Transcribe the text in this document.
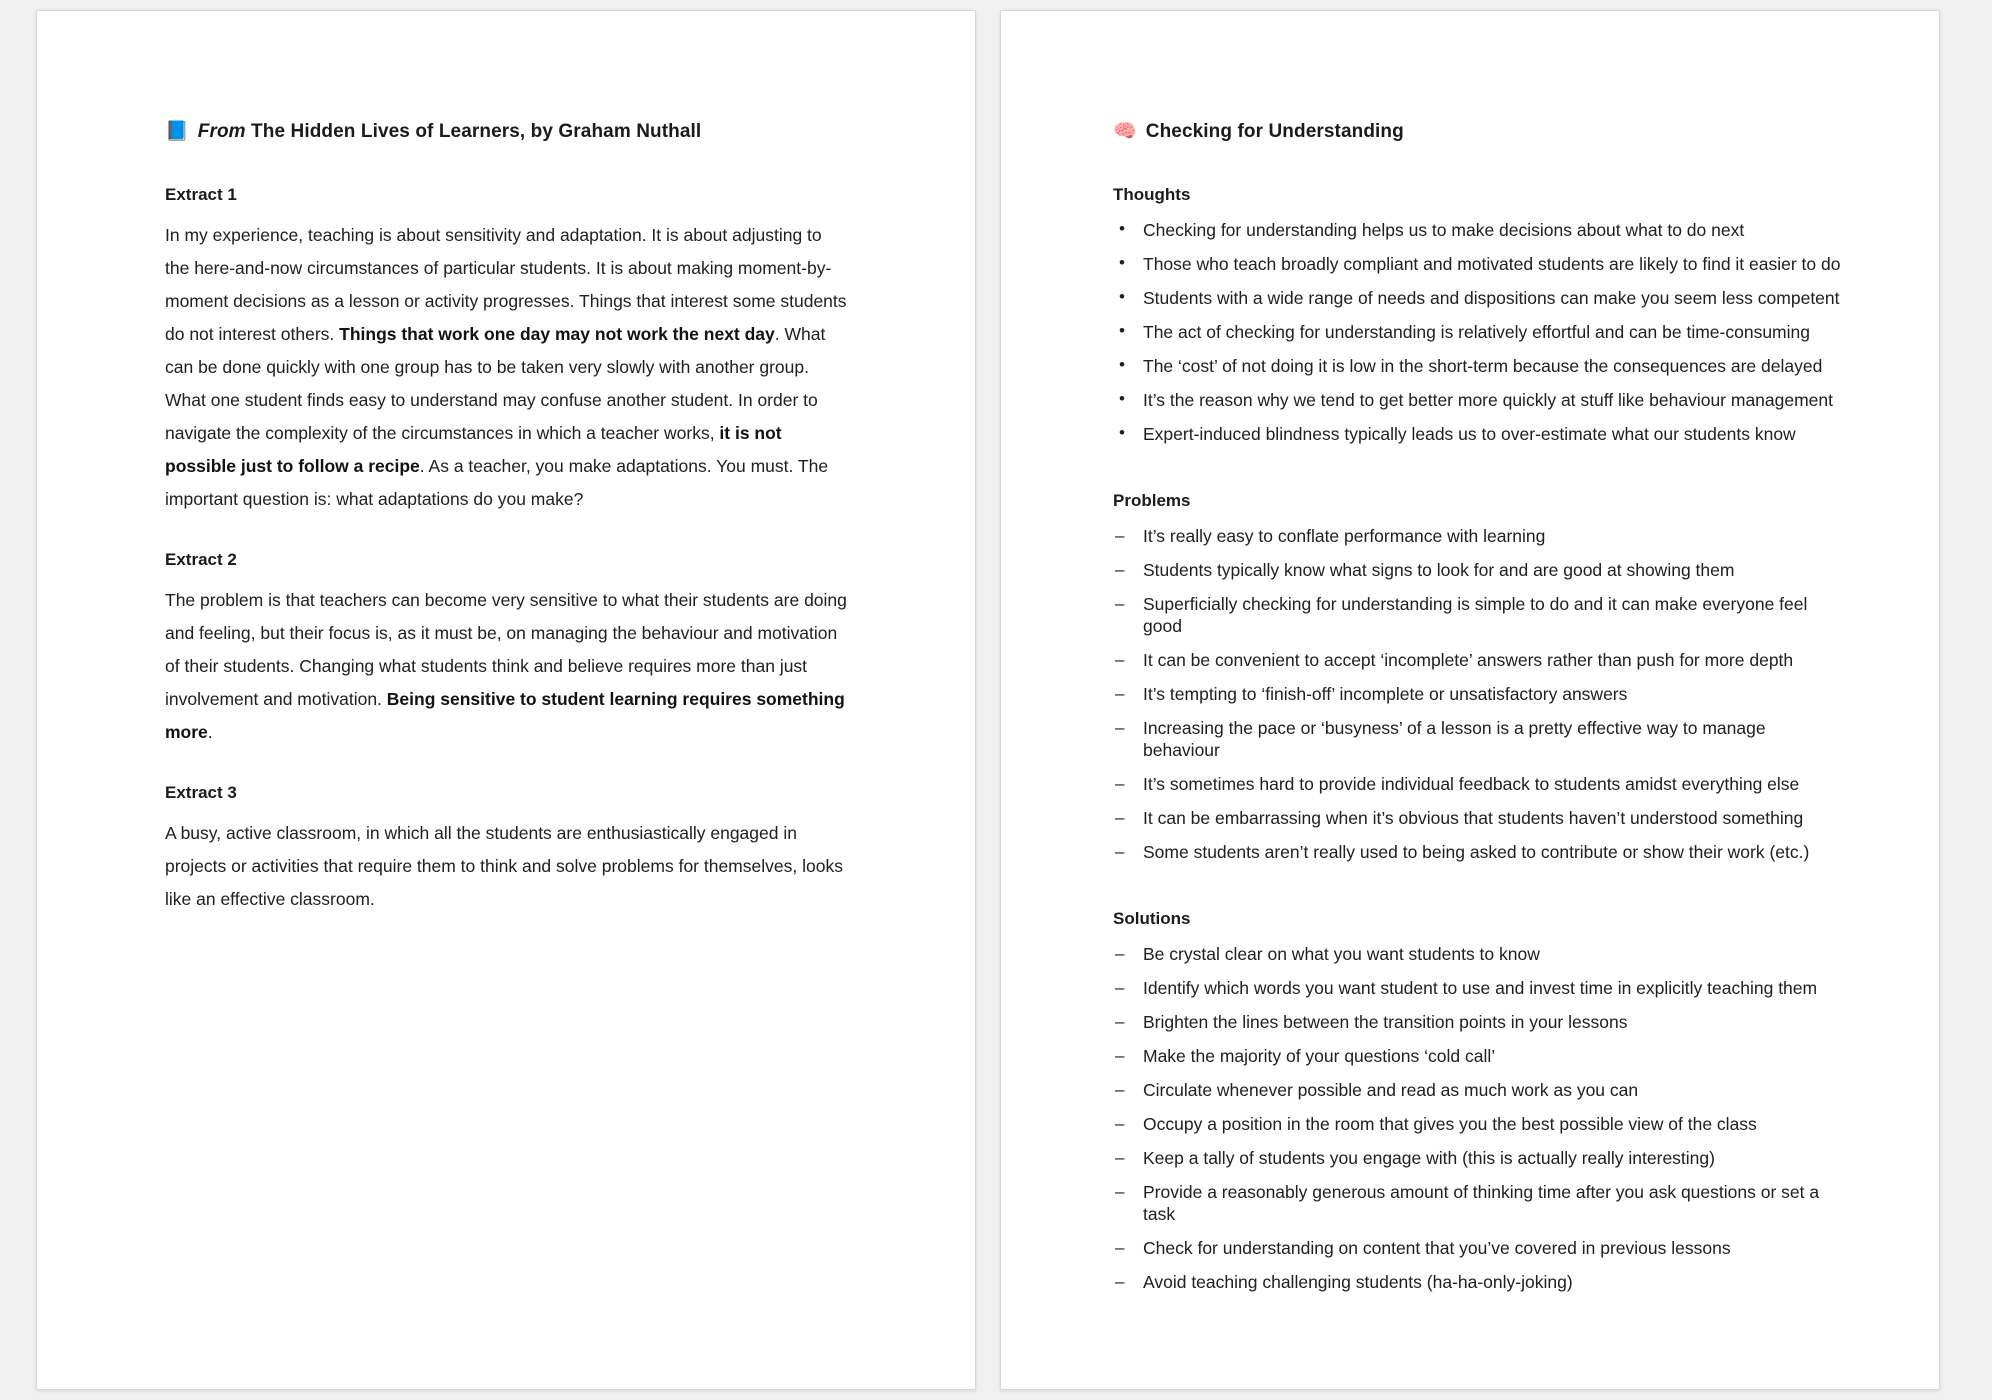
📘 From The Hidden Lives of Learners, by Graham Nuthall
Extract 1

In my experience, teaching is about sensitivity and adaptation. It is about adjusting to the here-and-now circumstances of particular students. It is about making moment-by-moment decisions as a lesson or activity progresses. Things that interest some students do not interest others. Things that work one day may not work the next day. What can be done quickly with one group has to be taken very slowly with another group. What one student finds easy to understand may confuse another student. In order to navigate the complexity of the circumstances in which a teacher works, it is not possible just to follow a recipe. As a teacher, you make adaptations. You must. The important question is: what adaptations do you make?

Extract 2

The problem is that teachers can become very sensitive to what their students are doing and feeling, but their focus is, as it must be, on managing the behaviour and motivation of their students. Changing what students think and believe requires more than just involvement and motivation. Being sensitive to student learning requires something more.

Extract 3

A busy, active classroom, in which all the students are enthusiastically engaged in projects or activities that require them to think and solve problems for themselves, looks like an effective classroom.

🧠 Checking for Understanding
Thoughts
• Checking for understanding helps us to make decisions about what to do next
• Those who teach broadly compliant and motivated students are likely to find it easier to do
• Students with a wide range of needs and dispositions can make you seem less competent
• The act of checking for understanding is relatively effortful and can be time-consuming
• The ‘cost’ of not doing it is low in the short-term because the consequences are delayed
• It’s the reason why we tend to get better more quickly at stuff like behaviour management
• Expert-induced blindness typically leads us to over-estimate what our students know
Problems
– It’s really easy to conflate performance with learning
– Students typically know what signs to look for and are good at showing them
– Superficially checking for understanding is simple to do and it can make everyone feel good
– It can be convenient to accept ‘incomplete’ answers rather than push for more depth
– It’s tempting to ‘finish-off’ incomplete or unsatisfactory answers
– Increasing the pace or ‘busyness’ of a lesson is a pretty effective way to manage behaviour
– It’s sometimes hard to provide individual feedback to students amidst everything else
– It can be embarrassing when it’s obvious that students haven’t understood something
– Some students aren’t really used to being asked to contribute or show their work (etc.)
Solutions
– Be crystal clear on what you want students to know
– Identify which words you want student to use and invest time in explicitly teaching them
– Brighten the lines between the transition points in your lessons
– Make the majority of your questions ‘cold call’
– Circulate whenever possible and read as much work as you can
– Occupy a position in the room that gives you the best possible view of the class
– Keep a tally of students you engage with (this is actually really interesting)
– Provide a reasonably generous amount of thinking time after you ask questions or set a task
– Check for understanding on content that you’ve covered in previous lessons
– Avoid teaching challenging students (ha-ha-only-joking)
